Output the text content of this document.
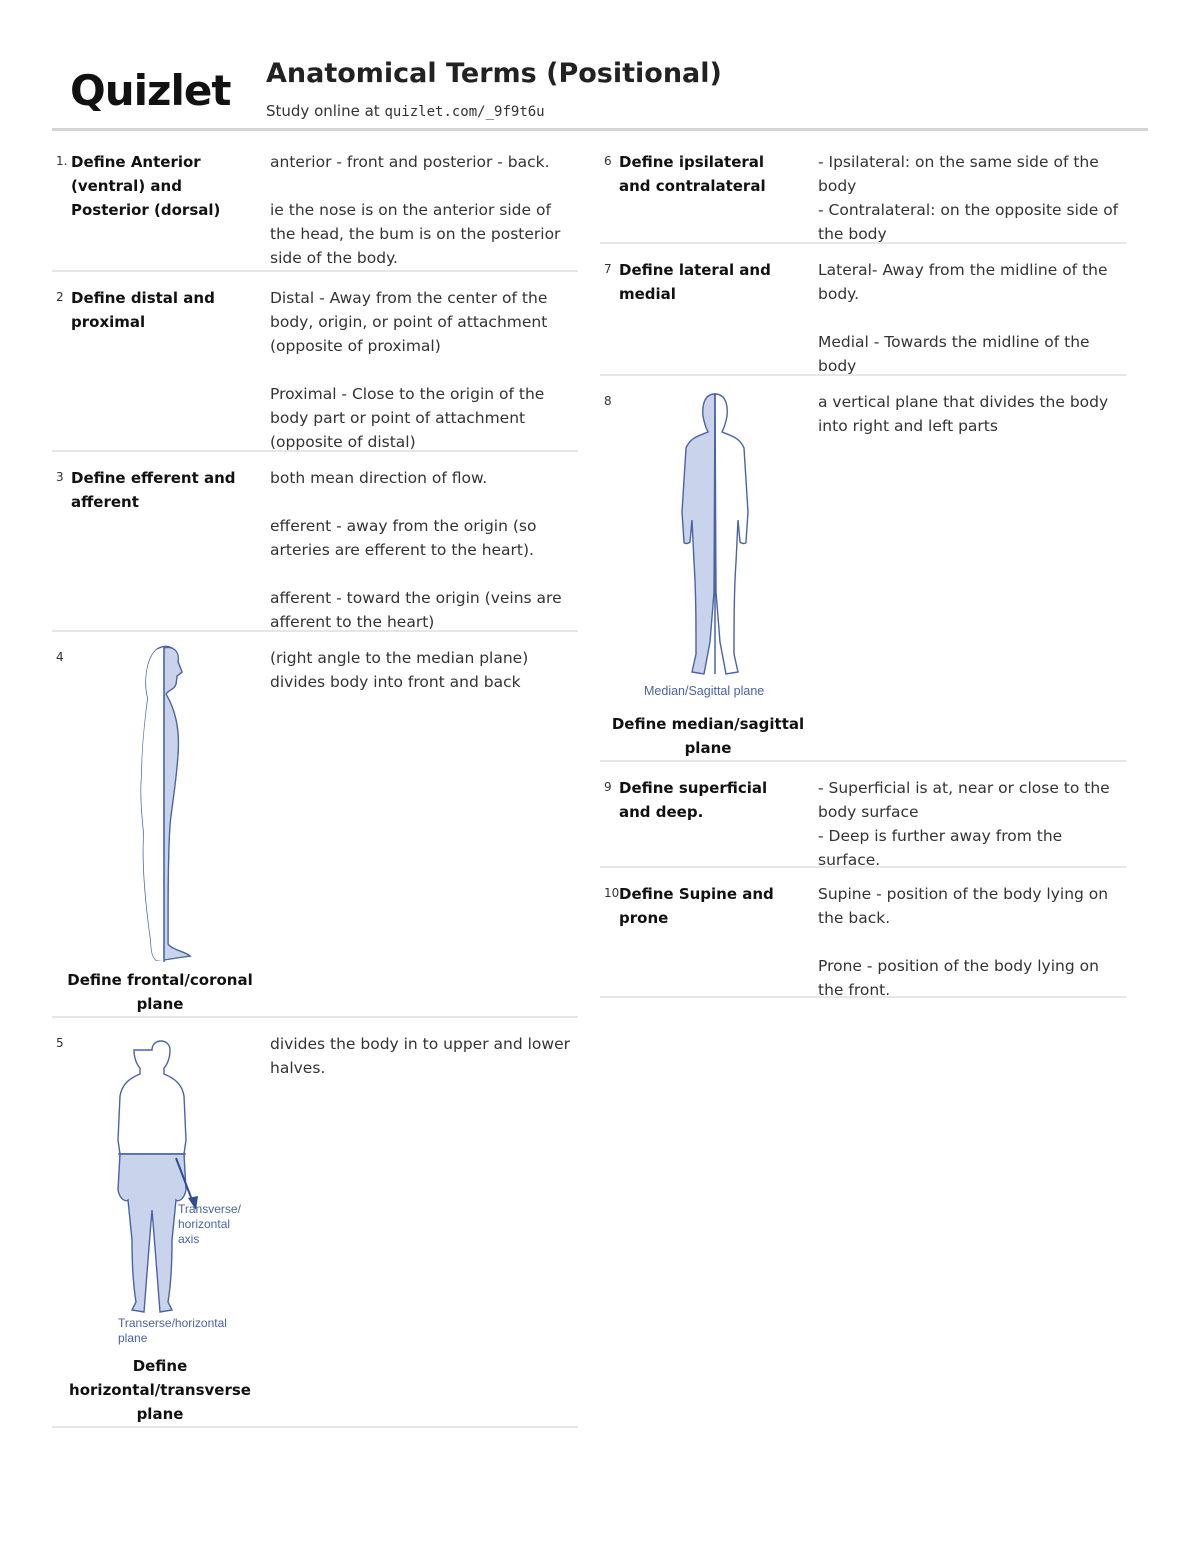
Quizlet Anatomical Terms (Positional)
Study online at quizlet.com/_9f9t6u
1. Define Anterior (ventral) and Posterior (dorsal)
anterior - front and posterior - back.

ie the nose is on the anterior side of the head, the bum is on the posterior side of the body.
2 Define distal and proximal
Distal - Away from the center of the body, origin, or point of attachment (opposite of proximal)

Proximal - Close to the origin of the body part or point of attachment (opposite of distal)
3 Define efferent and afferent
both mean direction of flow.

efferent - away from the origin (so arteries are efferent to the heart).

afferent - toward the origin (veins are afferent to the heart)
4
Define frontal/coronal plane
(right angle to the median plane) divides body into front and back
5
Transverse/
horizontal
axis
Transerse/horizontal
plane
Define horizontal/transverse plane
divides the body in to upper and lower halves.
6 Define ipsilateral and contralateral
- Ipsilateral: on the same side of the body
- Contralateral: on the opposite side of the body
7 Define lateral and medial
Lateral- Away from the midline of the body.

Medial - Towards the midline of the body
8
Median/Sagittal plane
Define median/sagittal plane
a vertical plane that divides the body into right and left parts
9 Define superficial and deep.
- Superficial is at, near or close to the body surface
- Deep is further away from the surface.
10.
Define Supine and prone
Supine - position of the body lying on the back.

Prone - position of the body lying on the front.
